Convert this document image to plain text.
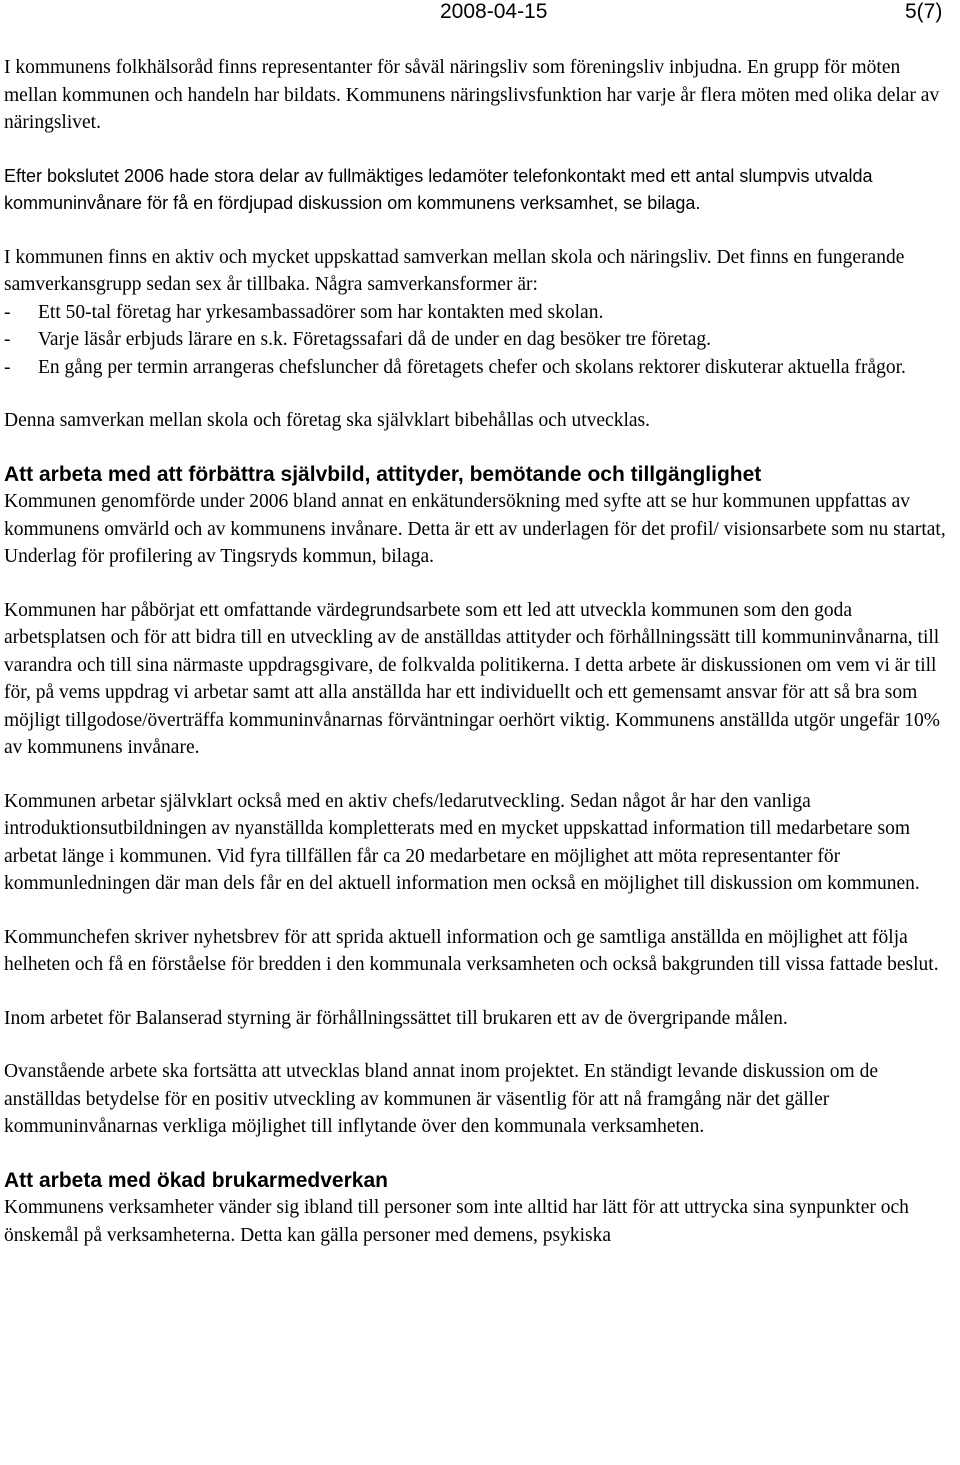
2008-04-15	5(7)

I kommunens folkhälsoråd finns representanter för såväl näringsliv som föreningsliv inbjudna. En grupp för möten mellan kommunen och handeln har bildats. Kommunens näringslivsfunktion har varje år flera möten med olika delar av näringslivet.

Efter bokslutet 2006 hade stora delar av fullmäktiges ledamöter telefonkontakt med ett antal slumpvis utvalda kommuninvånare för få en fördjupad diskussion om kommunens verksamhet, se bilaga.

I kommunen finns en aktiv och mycket uppskattad samverkan mellan skola och näringsliv. Det finns en fungerande samverkansgrupp sedan sex år tillbaka. Några samverkansformer är:

- Ett 50-tal företag har yrkesambassadörer som har kontakten med skolan.
- Varje läsår erbjuds lärare en s.k. Företagssafari då de under en dag besöker tre företag.
- En gång per termin arrangeras chefsluncher då företagets chefer och skolans rektorer diskuterar aktuella frågor.

Denna samverkan mellan skola och företag ska självklart bibehållas och utvecklas.

Att arbeta med att förbättra självbild, attityder, bemötande och tillgänglighet

Kommunen genomförde under 2006 bland annat en enkätundersökning med syfte att se hur kommunen uppfattas av kommunens omvärld och av kommunens invånare. Detta är ett av underlagen för det profil/ visionsarbete som nu startat, Underlag för profilering av Tingsryds kommun, bilaga.

Kommunen har påbörjat ett omfattande värdegrundsarbete som ett led att utveckla kommunen som den goda arbetsplatsen och för att bidra till en utveckling av de anställdas attityder och förhållningssätt till kommuninvånarna, till varandra och till sina närmaste uppdragsgivare, de folkvalda politikerna. I detta arbete är diskussionen om vem vi är till för, på vems uppdrag vi arbetar samt att alla anställda har ett individuellt och ett gemensamt ansvar för att så bra som möjligt tillgodose/överträffa kommuninvånarnas förväntningar oerhört viktig. Kommunens anställda utgör ungefär 10% av kommunens invånare.

Kommunen arbetar självklart också med en aktiv chefs/ledarutveckling. Sedan något år har den vanliga introduktionsutbildningen av nyanställda kompletterats med en mycket uppskattad information till medarbetare som arbetat länge i kommunen. Vid fyra tillfällen får ca 20 medarbetare en möjlighet att möta representanter för kommunledningen där man dels får en del aktuell information men också en möjlighet till diskussion om kommunen.

Kommunchefen skriver nyhetsbrev för att sprida aktuell information och ge samtliga anställda en möjlighet att följa helheten och få en förståelse för bredden i den kommunala verksamheten och också bakgrunden till vissa fattade beslut.

Inom arbetet för Balanserad styrning är förhållningssättet till brukaren ett av de övergripande målen.

Ovanstående arbete ska fortsätta att utvecklas bland annat inom projektet. En ständigt levande diskussion om de anställdas betydelse för en positiv utveckling av kommunen är väsentlig för att nå framgång när det gäller kommuninvånarnas verkliga möjlighet till inflytande över den kommunala verksamheten.

Att arbeta med ökad brukarmedverkan

Kommunens verksamheter vänder sig ibland till personer som inte alltid har lätt för att uttrycka sina synpunkter och önskemål på verksamheterna. Detta kan gälla personer med demens, psykiska
